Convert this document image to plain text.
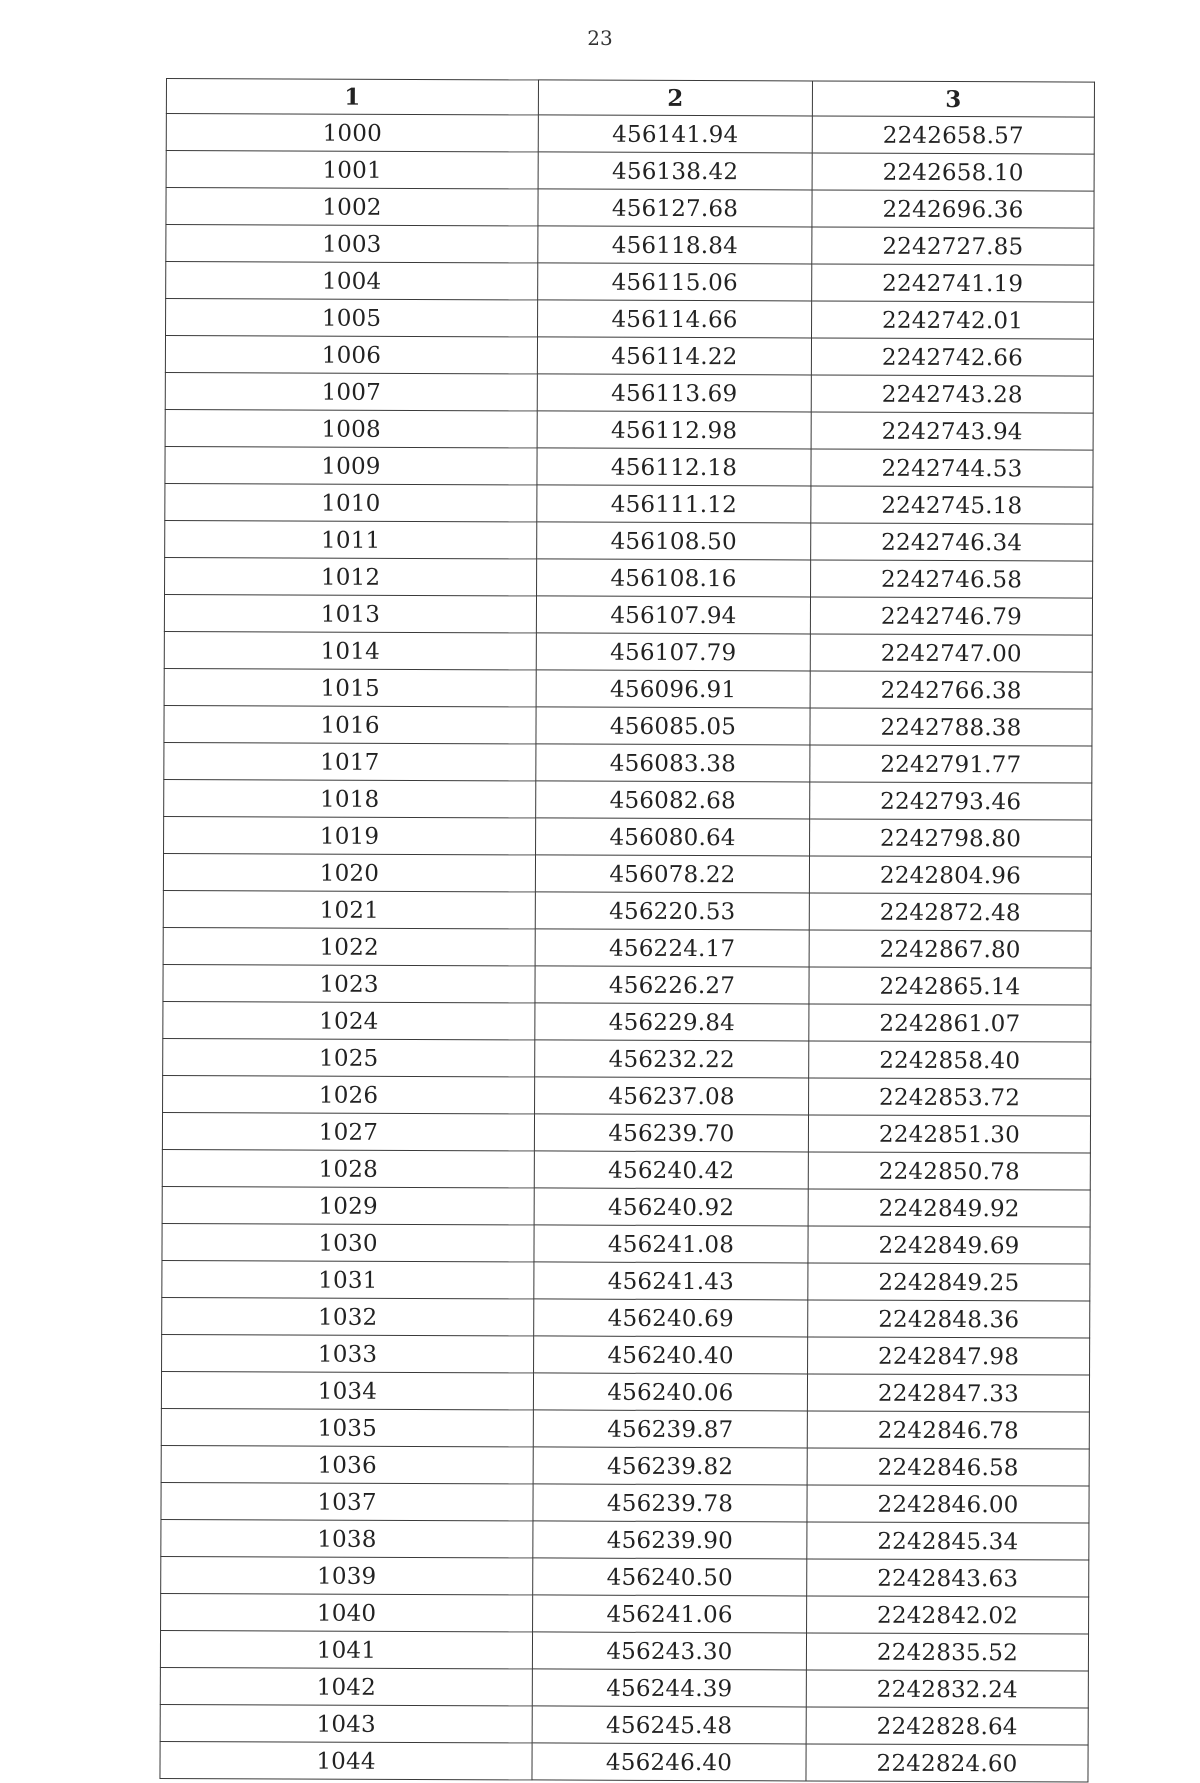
23
1	2	3
1000	456141.94	2242658.57
1001	456138.42	2242658.10
1002	456127.68	2242696.36
1003	456118.84	2242727.85
1004	456115.06	2242741.19
1005	456114.66	2242742.01
1006	456114.22	2242742.66
1007	456113.69	2242743.28
1008	456112.98	2242743.94
1009	456112.18	2242744.53
1010	456111.12	2242745.18
1011	456108.50	2242746.34
1012	456108.16	2242746.58
1013	456107.94	2242746.79
1014	456107.79	2242747.00
1015	456096.91	2242766.38
1016	456085.05	2242788.38
1017	456083.38	2242791.77
1018	456082.68	2242793.46
1019	456080.64	2242798.80
1020	456078.22	2242804.96
1021	456220.53	2242872.48
1022	456224.17	2242867.80
1023	456226.27	2242865.14
1024	456229.84	2242861.07
1025	456232.22	2242858.40
1026	456237.08	2242853.72
1027	456239.70	2242851.30
1028	456240.42	2242850.78
1029	456240.92	2242849.92
1030	456241.08	2242849.69
1031	456241.43	2242849.25
1032	456240.69	2242848.36
1033	456240.40	2242847.98
1034	456240.06	2242847.33
1035	456239.87	2242846.78
1036	456239.82	2242846.58
1037	456239.78	2242846.00
1038	456239.90	2242845.34
1039	456240.50	2242843.63
1040	456241.06	2242842.02
1041	456243.30	2242835.52
1042	456244.39	2242832.24
1043	456245.48	2242828.64
1044	456246.40	2242824.60
